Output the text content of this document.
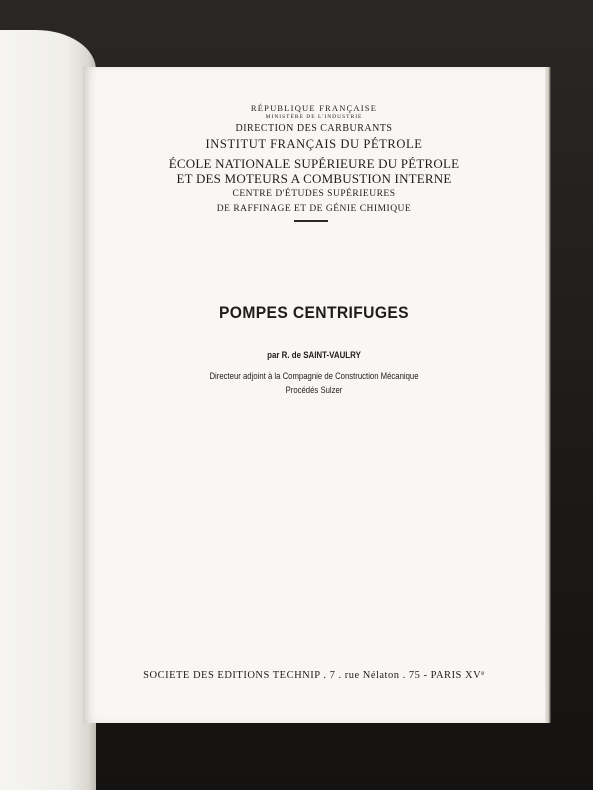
RÉPUBLIQUE FRANÇAISE
MINISTÈRE DE L'INDUSTRIE
DIRECTION DES CARBURANTS
INSTITUT FRANÇAIS DU PÉTROLE
ÉCOLE NATIONALE SUPÉRIEURE DU PÉTROLE
ET DES MOTEURS A COMBUSTION INTERNE
CENTRE D'ÉTUDES SUPÉRIEURES
DE RAFFINAGE ET DE GÉNIE CHIMIQUE
POMPES CENTRIFUGES
par R. de SAINT-VAULRY
Directeur adjoint à la Compagnie de Construction Mécanique
Procédés Sulzer
SOCIETE DES EDITIONS TECHNIP . 7 . rue Nélaton . 75 - PARIS XVe
